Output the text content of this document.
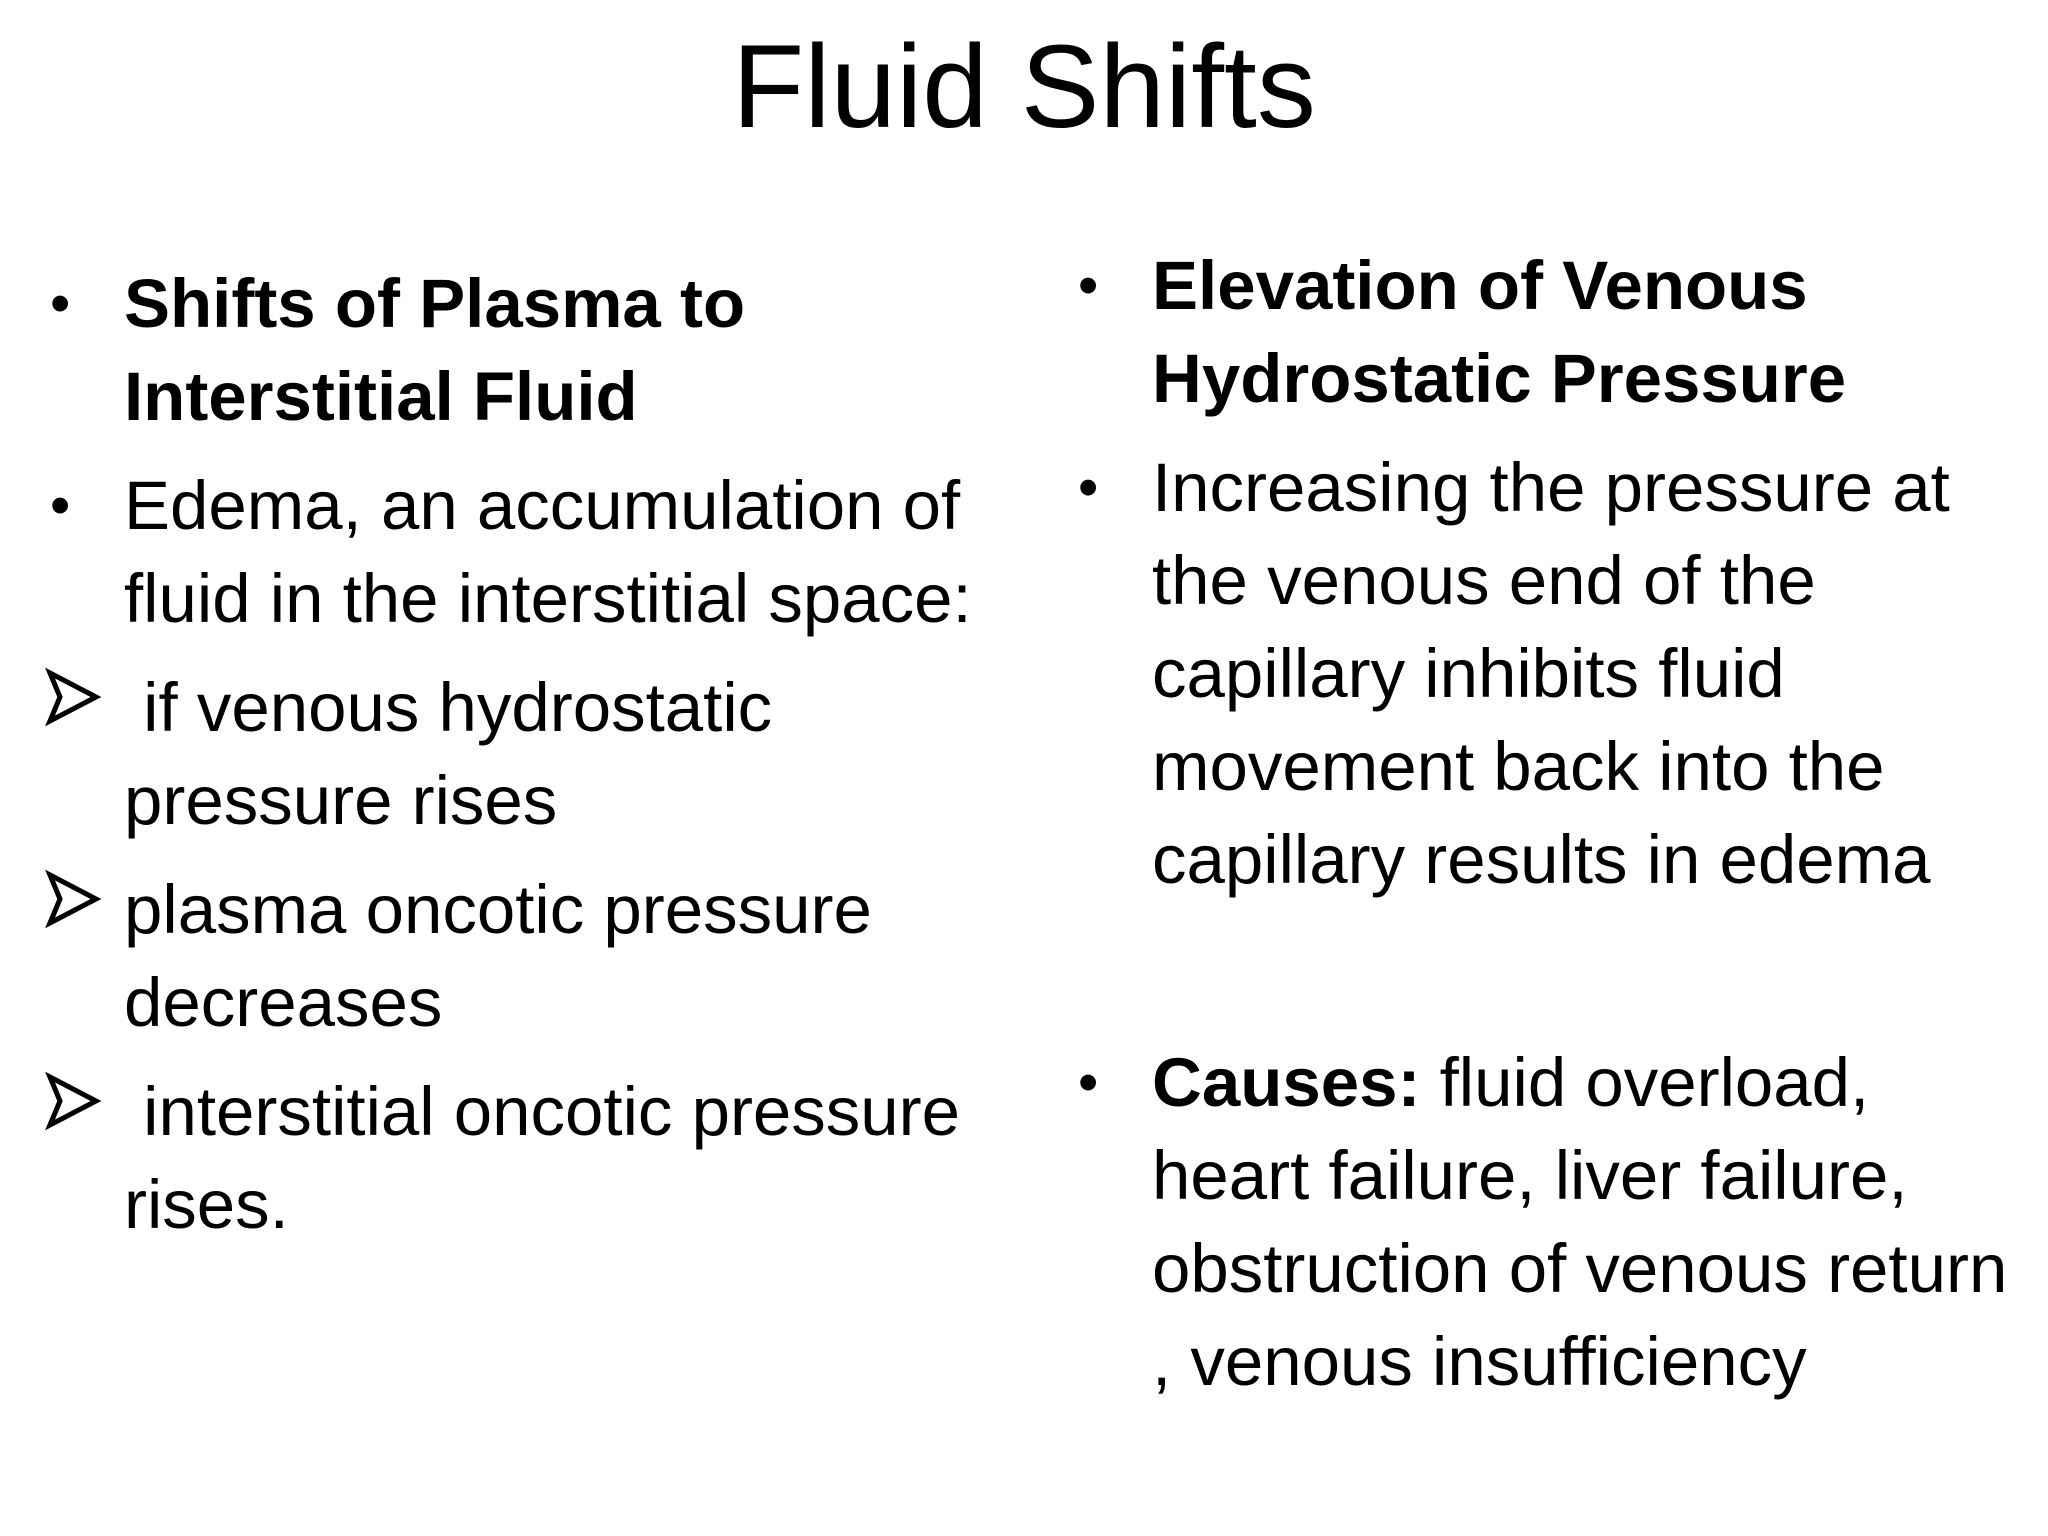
Fluid Shifts
• Shifts of Plasma to Interstitial Fluid
• Edema, an accumulation of fluid in the interstitial space:
if venous hydrostatic pressure rises
plasma oncotic pressure decreases
interstitial oncotic pressure rises.
• Elevation of Venous Hydrostatic Pressure
• Increasing the pressure at the venous end of the capillary inhibits fluid movement back into the capillary results in edema
• Causes: fluid overload, heart failure, liver failure, obstruction of venous return  , venous insufficiency
